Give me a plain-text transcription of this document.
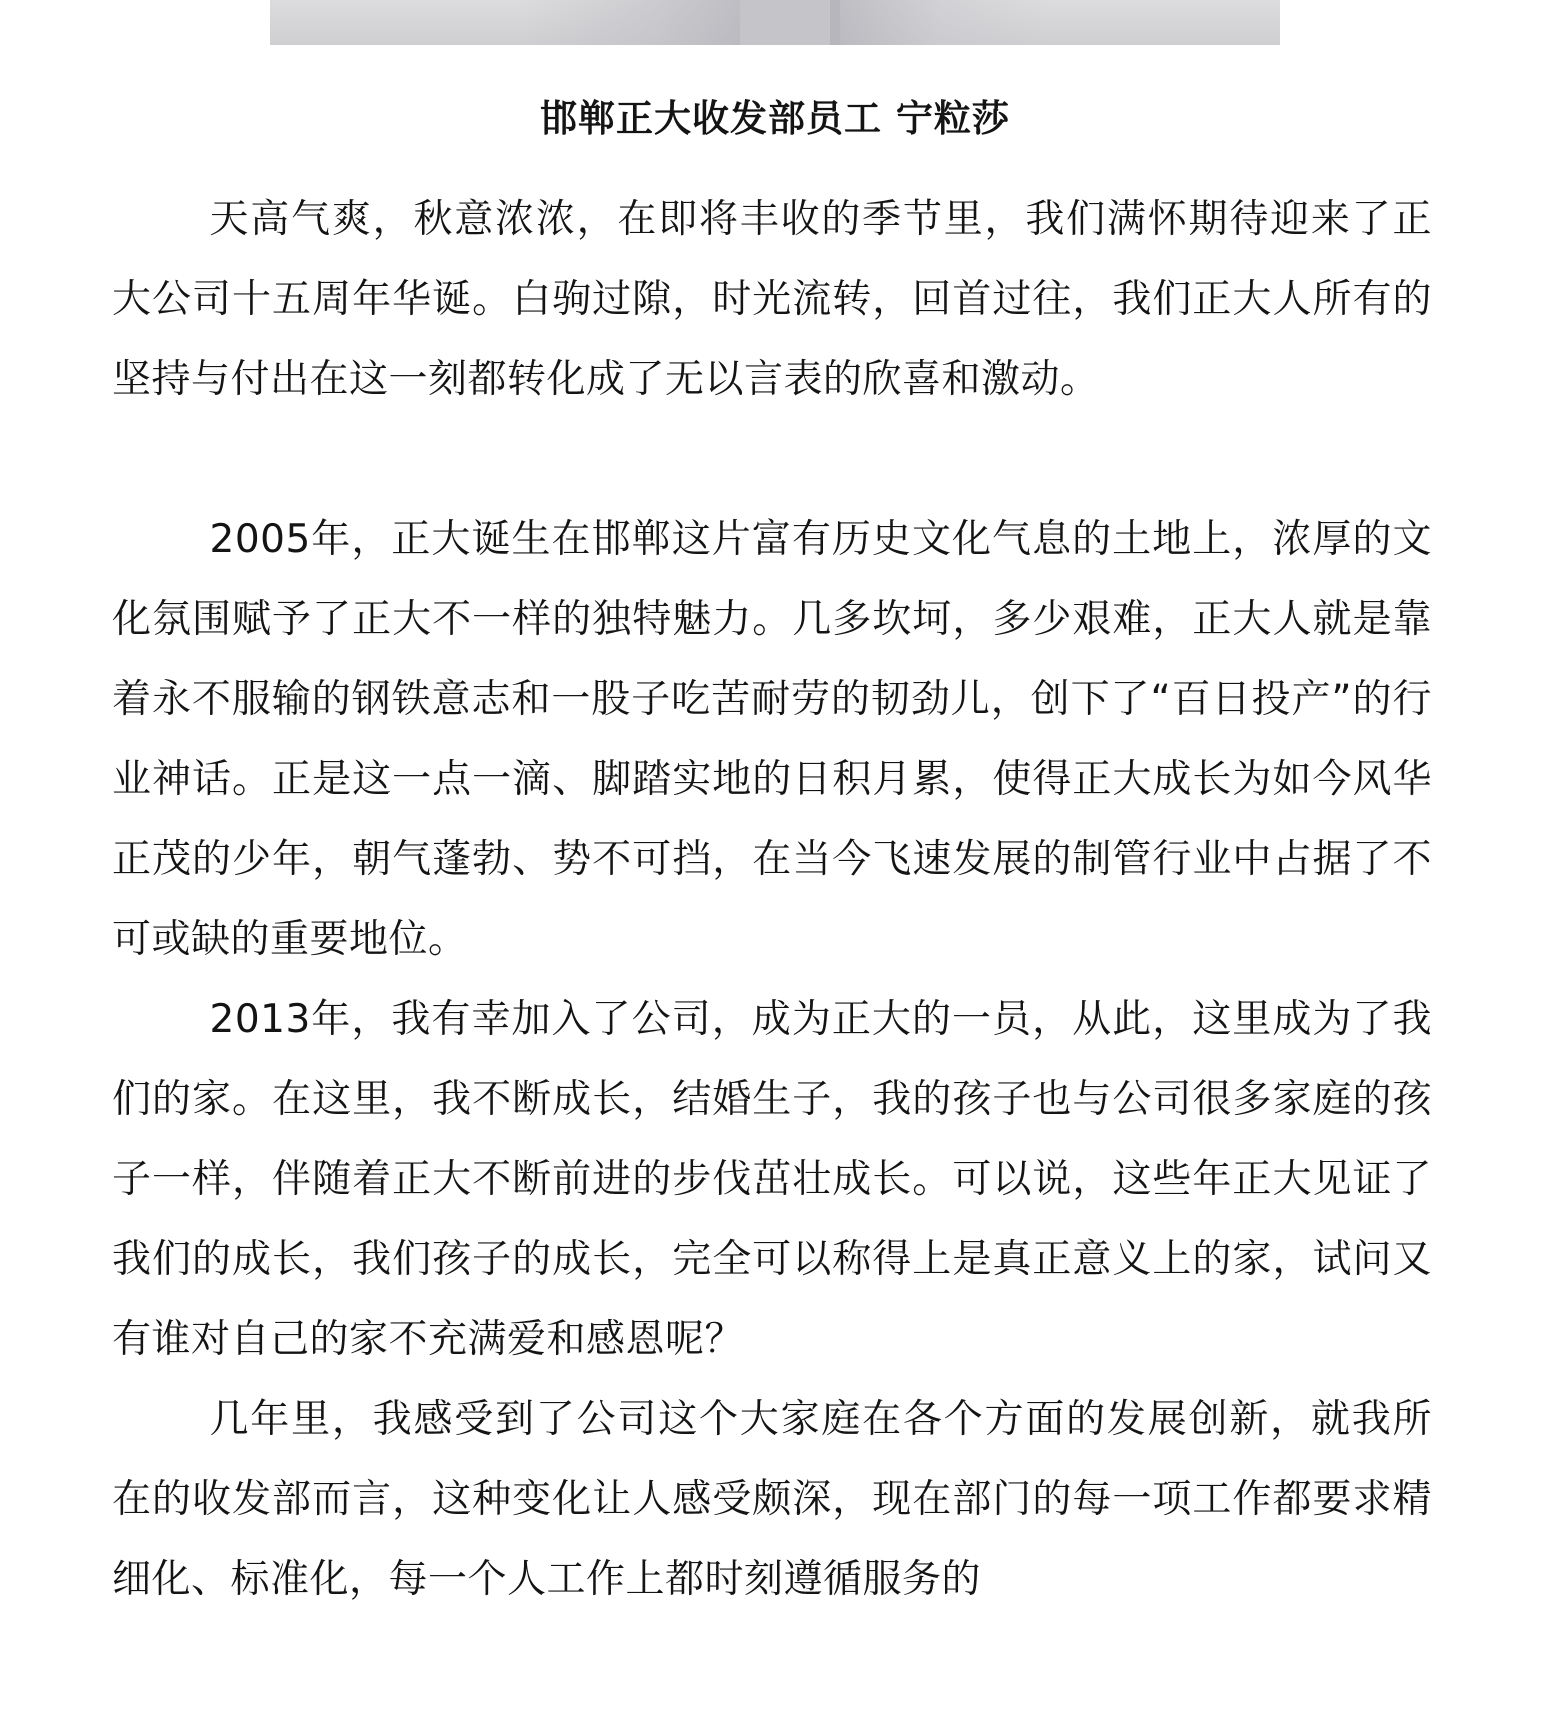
邯郸正大收发部员工 宁粒莎

天高气爽，秋意浓浓，在即将丰收的季节里，我们满怀期待迎来了正大公司十五周年华诞。白驹过隙，时光流转，回首过往，我们正大人所有的坚持与付出在这一刻都转化成了无以言表的欣喜和激动。

2005年，正大诞生在邯郸这片富有历史文化气息的土地上，浓厚的文化氛围赋予了正大不一样的独特魅力。几多坎坷，多少艰难，正大人就是靠着永不服输的钢铁意志和一股子吃苦耐劳的韧劲儿，创下了“百日投产”的行业神话。正是这一点一滴、脚踏实地的日积月累，使得正大成长为如今风华正茂的少年，朝气蓬勃、势不可挡，在当今飞速发展的制管行业中占据了不可或缺的重要地位。

2013年，我有幸加入了公司，成为正大的一员，从此，这里成为了我们的家。在这里，我不断成长，结婚生子，我的孩子也与公司很多家庭的孩子一样，伴随着正大不断前进的步伐茁壮成长。可以说，这些年正大见证了我们的成长，我们孩子的成长，完全可以称得上是真正意义上的家，试问又有谁对自己的家不充满爱和感恩呢？

几年里，我感受到了公司这个大家庭在各个方面的发展创新，就我所在的收发部而言，这种变化让人感受颇深，现在部门的每一项工作都要求精细化、标准化，每一个人工作上都时刻遵循服务的
